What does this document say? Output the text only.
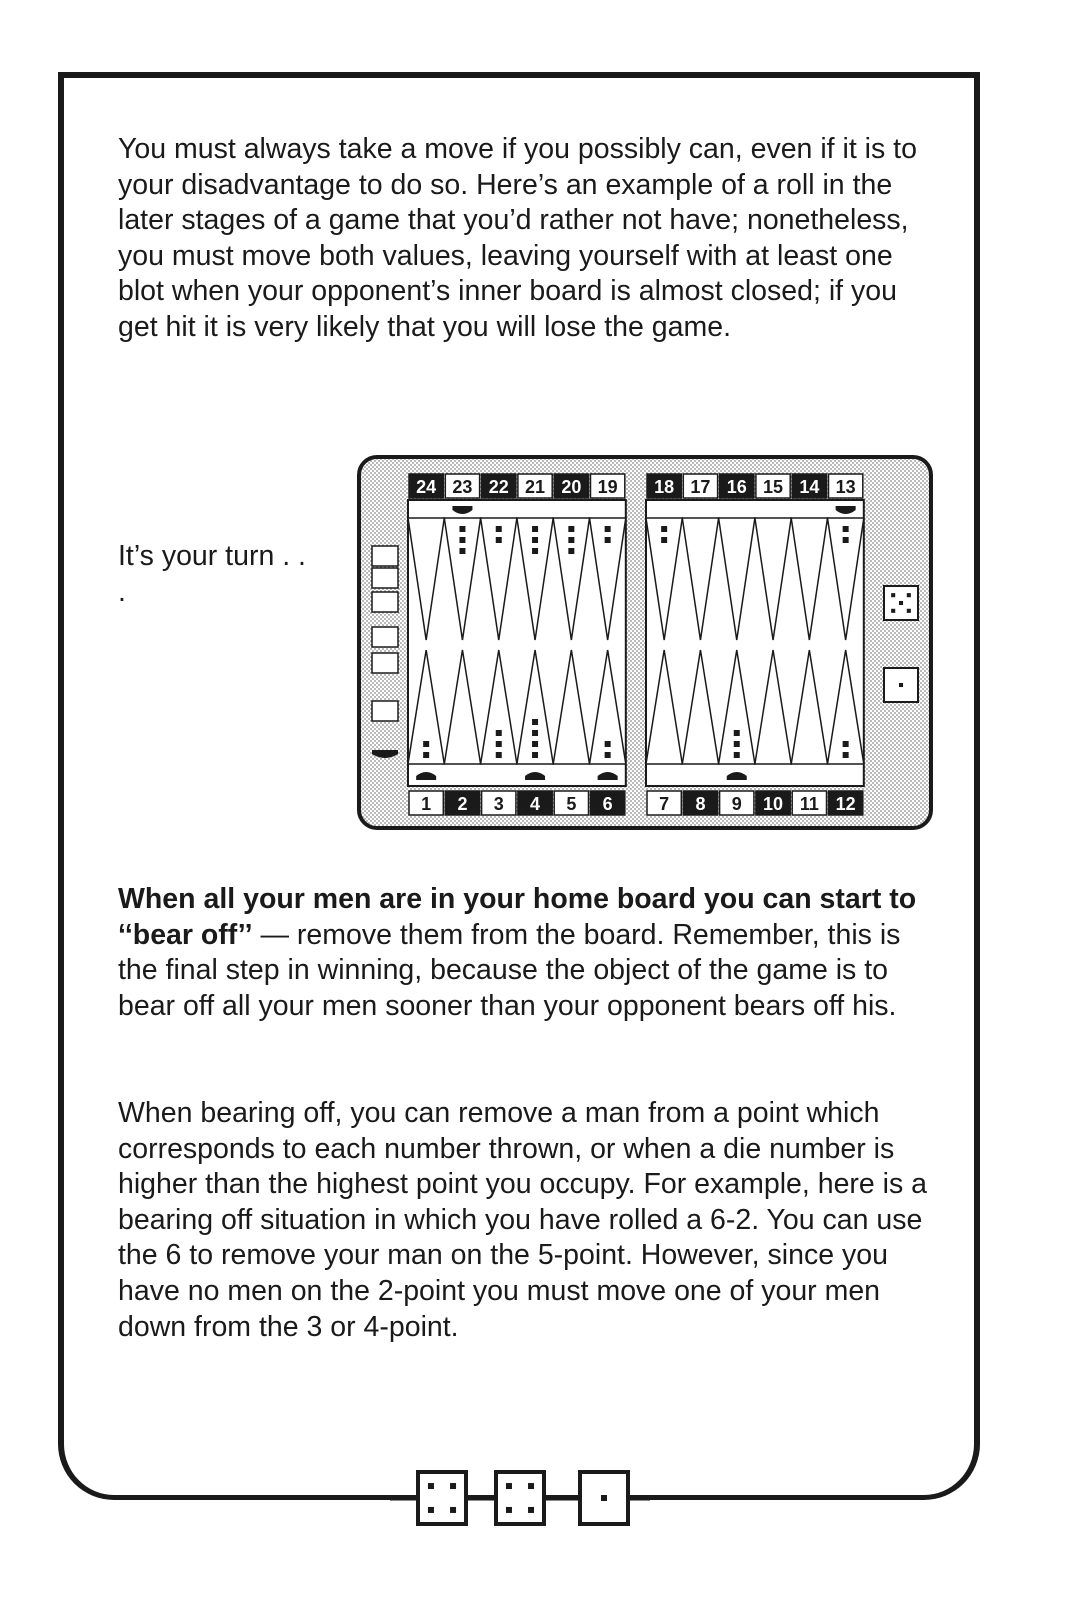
You must always take a move if you possibly can, even if it is to your disadvantage to do so. Here’s an example of a roll in the later stages of a game that you’d rather not have; nonetheless, you must move both values, leaving yourself with at least one blot when your opponent’s inner board is almost closed; if you get hit it is very likely that you will lose the game.

It’s your turn . . .

24 23 22 21 20 19 18 17 16 15 14 13
1 2 3 4 5 6	7 8 9 10 11 12

When all your men are in your home board you can start to ‘‘bear off’’ — remove them from the board. Remember, this is the final step in winning, because the object of the game is to bear off all your men sooner than your opponent bears off his.

When bearing off, you can remove a man from a point which corresponds to each number thrown, or when a die number is higher than the highest point you occupy. For example, here is a bearing off situation in which you have rolled a 6-2. You can use the 6 to remove your man on the 5-point. However, since you have no men on the 2-point you must move one of your men down from the 3 or 4-point.
